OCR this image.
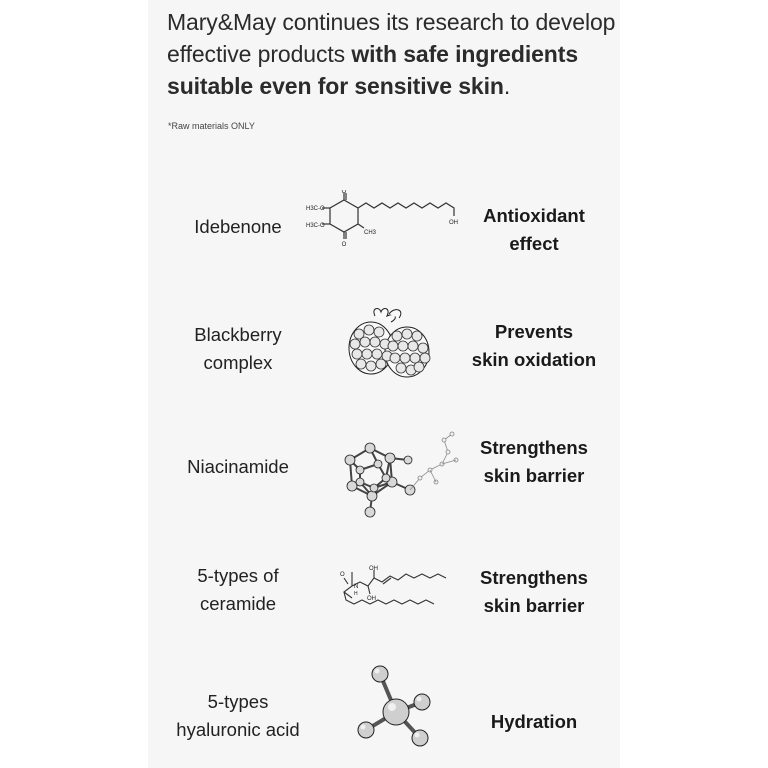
Mary&May continues its research to develop effective products with safe ingredients suitable even for sensitive skin.
*Raw materials ONLY
Idebenone
O
O
H3C-O
H3C-O
CH3
OH	Antioxidant
effect
Blackberry
complex
Prevents
skin oxidation
Niacinamide
Strengthens
skin barrier
5-types of
ceramide
OH
O
N
H
OH
Strengthens
skin barrier
5-types
hyaluronic acid	Hydration
